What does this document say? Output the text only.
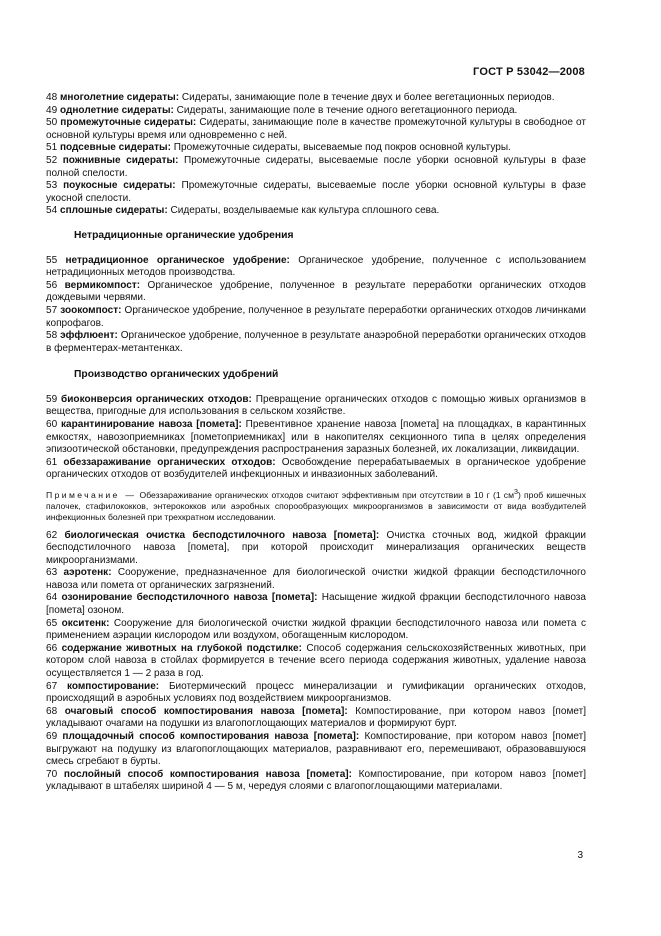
ГОСТ Р 53042—2008

48 многолетние сидераты: Сидераты, занимающие поле в течение двух и более вегетационных периодов.

49 однолетние сидераты: Сидераты, занимающие поле в течение одного вегетационного периода.

50 промежуточные сидераты: Сидераты, занимающие поле в качестве промежуточной культуры в свободное от основной культуры время или одновременно с ней.

51 подсевные сидераты: Промежуточные сидераты, высеваемые под покров основной культуры.

52 пожнивные сидераты: Промежуточные сидераты, высеваемые после уборки основной культуры в фазе полной спелости.

53 поукосные сидераты: Промежуточные сидераты, высеваемые после уборки основной культуры в фазе укосной спелости.

54 сплошные сидераты: Сидераты, возделываемые как культура сплошного сева.

Нетрадиционные органические удобрения

55 нетрадиционное органическое удобрение: Органическое удобрение, полученное с использованием нетрадиционных методов производства.

56 вермикомпост: Органическое удобрение, полученное в результате переработки органических отходов дождевыми червями.

57 зоокомпост: Органическое удобрение, полученное в результате переработки органических отходов личинками копрофагов.

58 эффлюент: Органическое удобрение, полученное в результате анаэробной переработки органических отходов в ферментерах-метантенках.

Производство органических удобрений

59 биоконверсия органических отходов: Превращение органических отходов с помощью живых организмов в вещества, пригодные для использования в сельском хозяйстве.

60 карантинирование навоза [помета]: Превентивное хранение навоза [помета] на площадках, в карантинных емкостях, навозоприемниках [пометоприемниках] или в накопителях секционного типа в целях определения эпизоотической обстановки, предупреждения распространения заразных болезней, их локализации, ликвидации.

61 обеззараживание органических отходов: Освобождение перерабатываемых в органическое удобрение органических отходов от возбудителей инфекционных и инвазионных заболеваний.

Примечание — Обеззараживание органических отходов считают эффективным при отсутствии в 10 г (1 $см^3$) проб кишечных палочек, стафилококков, энтерококков или аэробных спорообразующих микроорганизмов в зависимости от вида возбудителей инфекционных болезней при трехкратном исследовании.

62 биологическая очистка бесподстилочного навоза [помета]: Очистка сточных вод, жидкой фракции бесподстилочного навоза [помета], при которой происходит минерализация органических веществ микроорганизмами.

63 аэротенк: Сооружение, предназначенное для биологической очистки жидкой фракции бесподстилочного навоза или помета от органических загрязнений.

64 озонирование бесподстилочного навоза [помета]: Насыщение жидкой фракции бесподстилочного навоза [помета] озоном.

65 окситенк: Сооружение для биологической очистки жидкой фракции бесподстилочного навоза или помета с применением аэрации кислородом или воздухом, обогащенным кислородом.

66 содержание животных на глубокой подстилке: Способ содержания сельскохозяйственных животных, при котором слой навоза в стойлах формируется в течение всего периода содержания животных, удаление навоза осуществляется 1 — 2 раза в год.

67 компостирование: Биотермический процесс минерализации и гумификации органических отходов, происходящий в аэробных условиях под воздействием микроорганизмов.

68 очаговый способ компостирования навоза [помета]: Компостирование, при котором навоз [помет] укладывают очагами на подушки из влагопоглощающих материалов и формируют бурт.

69 площадочный способ компостирования навоза [помета]: Компостирование, при котором навоз [помет] выгружают на подушку из влагопоглощающих материалов, разравнивают его, перемешивают, образовавшуюся смесь сгребают в бурты.

70 послойный способ компостирования навоза [помета]: Компостирование, при котором навоз [помет] укладывают в штабелях шириной 4 — 5 м, чередуя слоями с влагопоглощающими материалами.

3
